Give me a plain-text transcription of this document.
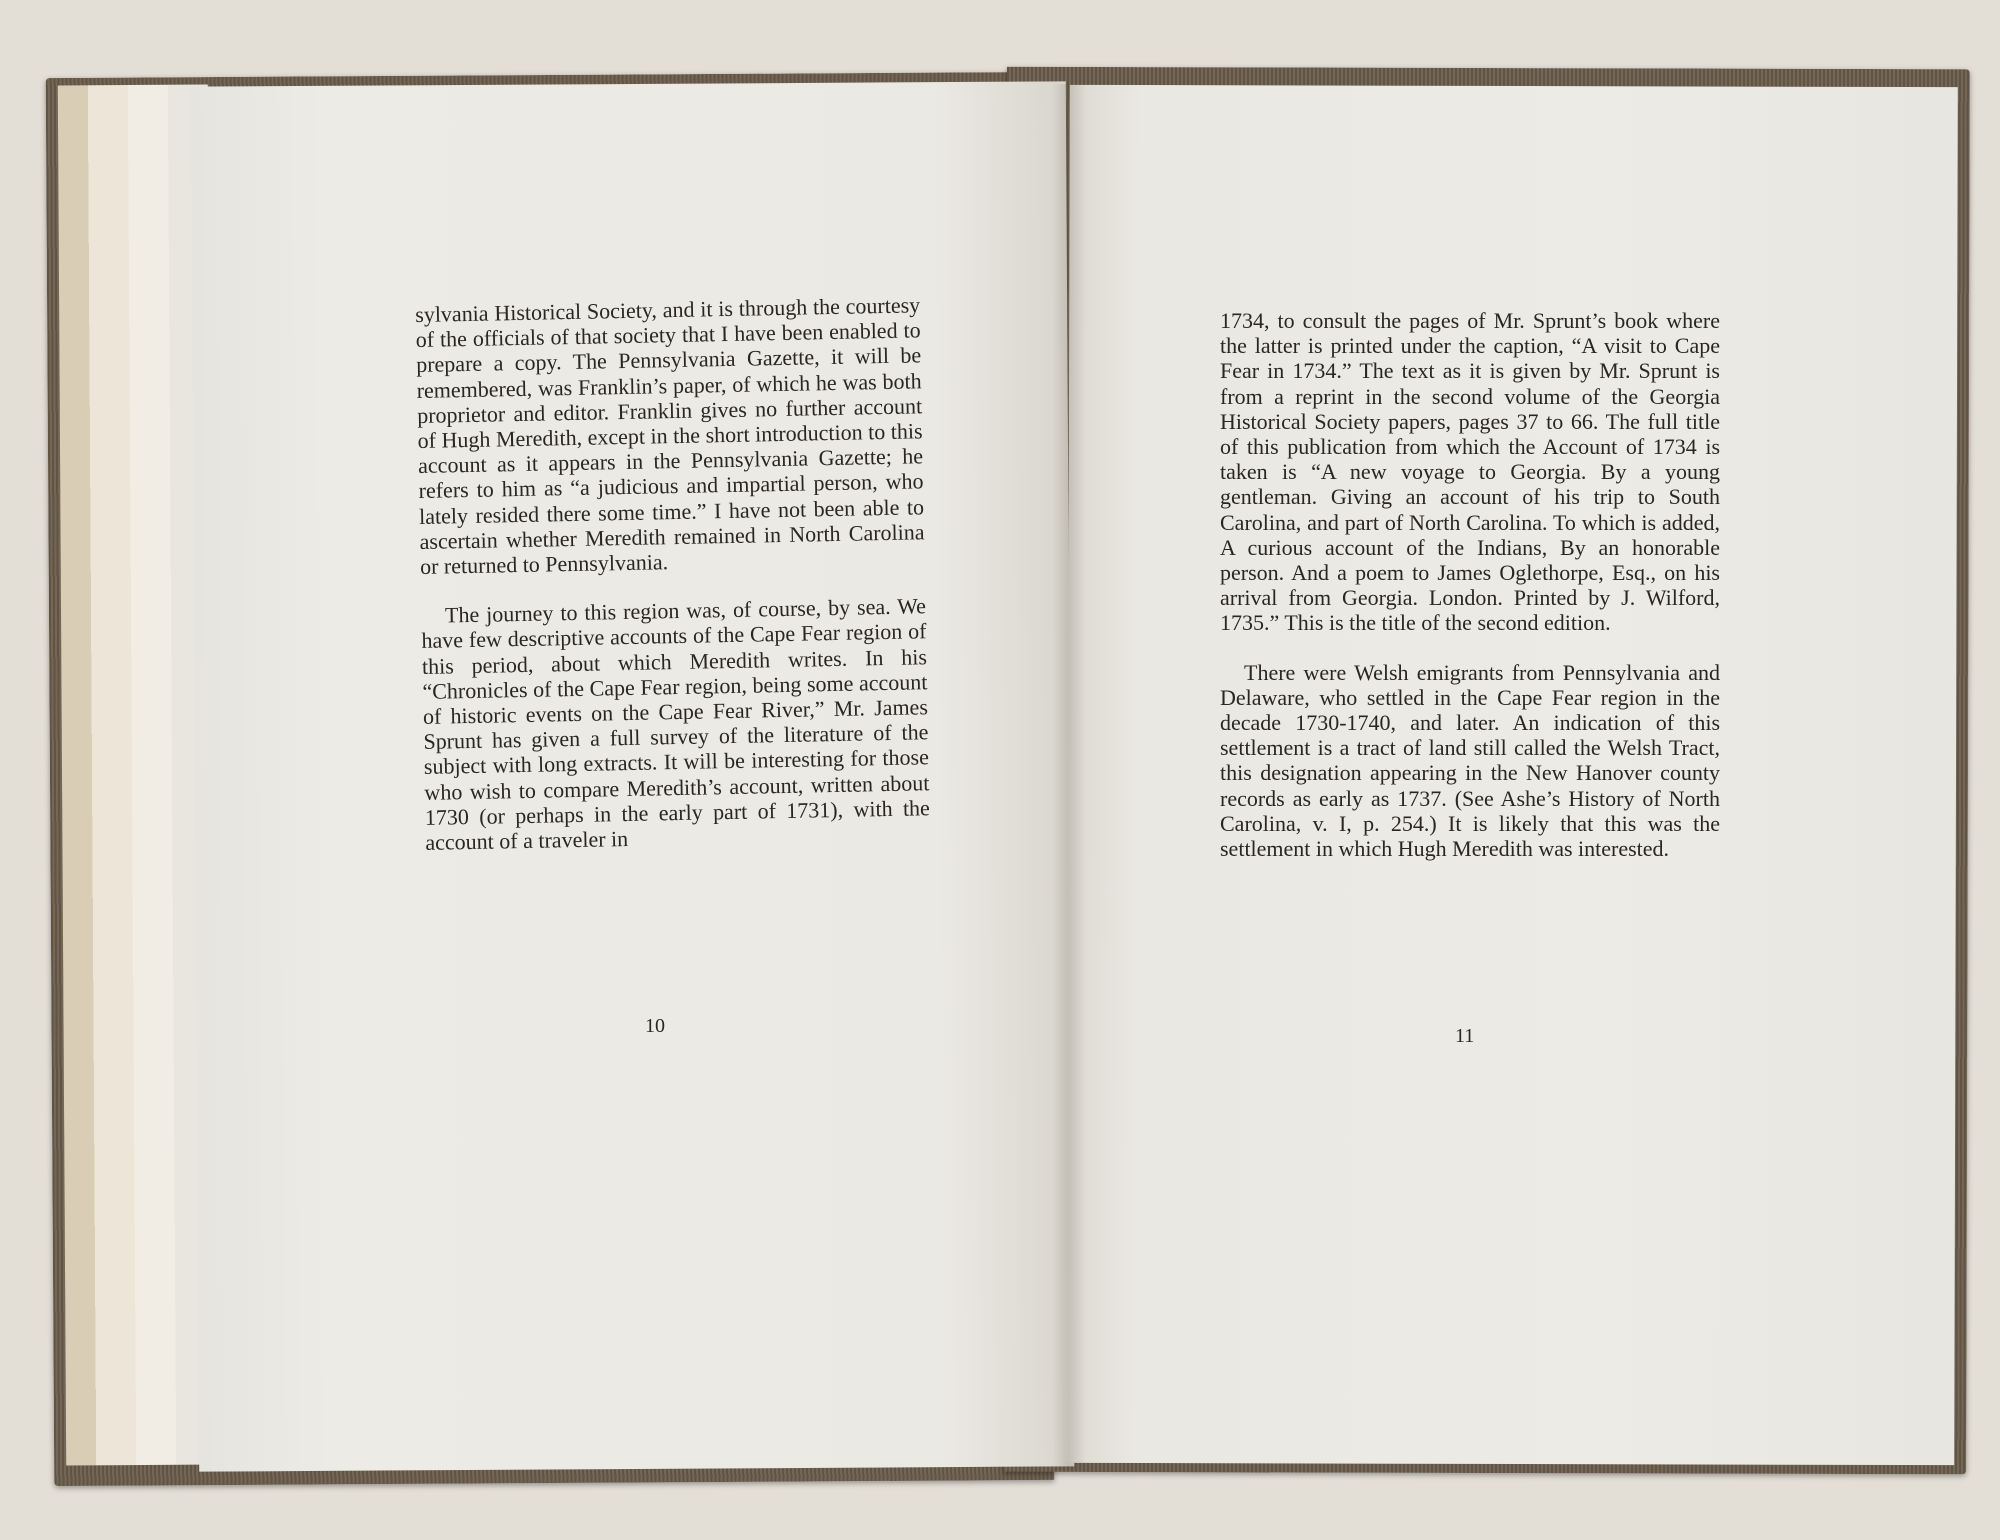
sylvania Historical Society, and it is through the courtesy of the officials of that society that I have been enabled to prepare a copy. The Pennsylvania Gazette, it will be remembered, was Franklin’s paper, of which he was both proprietor and editor. Franklin gives no further account of Hugh Meredith, except in the short introduction to this account as it appears in the Pennsylvania Gazette; he refers to him as “a judicious and impartial person, who lately resided there some time.” I have not been able to ascertain whether Meredith remained in North Carolina or returned to Pennsylvania.

The journey to this region was, of course, by sea. We have few descriptive accounts of the Cape Fear region of this period, about which Meredith writes. In his “Chronicles of the Cape Fear region, being some account of historic events on the Cape Fear River,” Mr. James Sprunt has given a full survey of the literature of the subject with long extracts. It will be interesting for those who wish to compare Meredith’s account, written about 1730 (or perhaps in the early part of 1731), with the account of a traveler in

10

1734, to consult the pages of Mr. Sprunt’s book where the latter is printed under the caption, “A visit to Cape Fear in 1734.” The text as it is given by Mr. Sprunt is from a reprint in the second volume of the Georgia Historical Society papers, pages 37 to 66. The full title of this publication from which the Account of 1734 is taken is “A new voyage to Georgia. By a young gentleman. Giving an account of his trip to South Carolina, and part of North Carolina. To which is added, A curious account of the Indians, By an honorable person. And a poem to James Oglethorpe, Esq., on his arrival from Georgia. London. Printed by J. Wilford, 1735.” This is the title of the second edition.

There were Welsh emigrants from Pennsylvania and Delaware, who settled in the Cape Fear region in the decade 1730-1740, and later. An indication of this settlement is a tract of land still called the Welsh Tract, this designation appearing in the New Hanover county records as early as 1737. (See Ashe’s History of North Carolina, v. I, p. 254.) It is likely that this was the settlement in which Hugh Meredith was interested.

11
